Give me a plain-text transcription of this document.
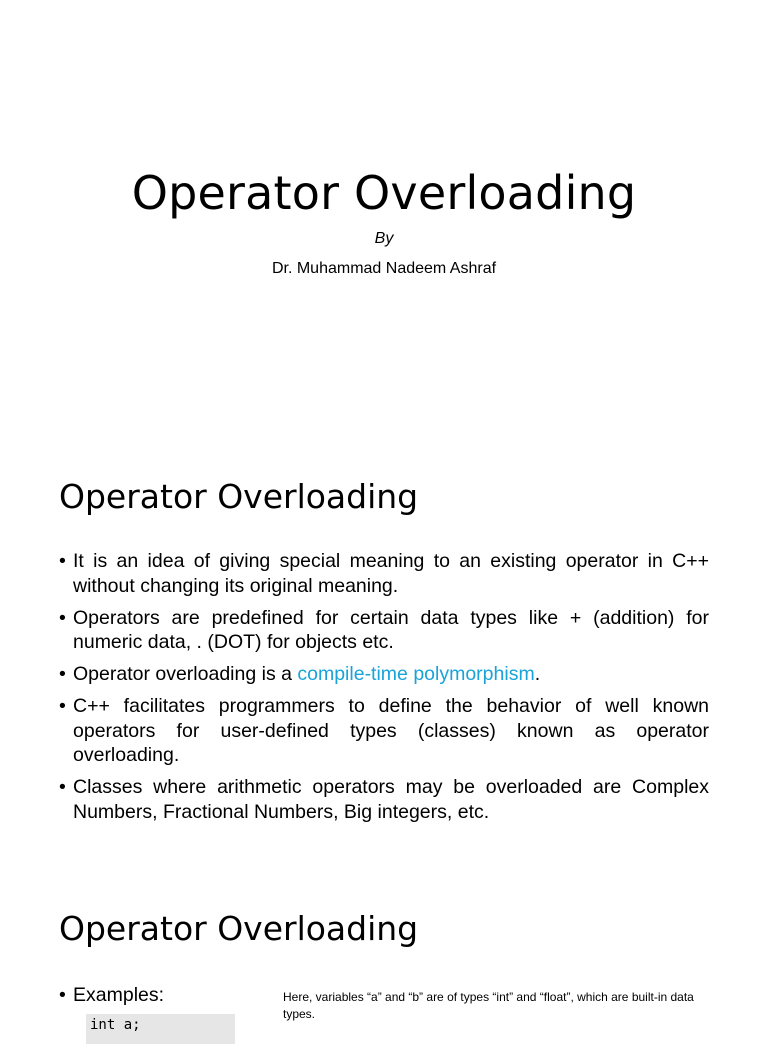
Operator Overloading
By
Dr. Muhammad Nadeem Ashraf
Operator Overloading
• It is an idea of giving special meaning to an existing operator in C++ without changing its original meaning.
• Operators are predefined for certain data types like + (addition) for numeric data, . (DOT) for objects etc.
• Operator overloading is a compile-time polymorphism.
• C++ facilitates programmers to define the behavior of well known operators for user-defined types (classes) known as operator overloading.
• Classes where arithmetic operators may be overloaded are Complex Numbers, Fractional Numbers, Big integers, etc.
Operator Overloading
• Examples:
int a;
Here, variables “a” and “b” are of types “int” and “float”, which are built-in data types.
